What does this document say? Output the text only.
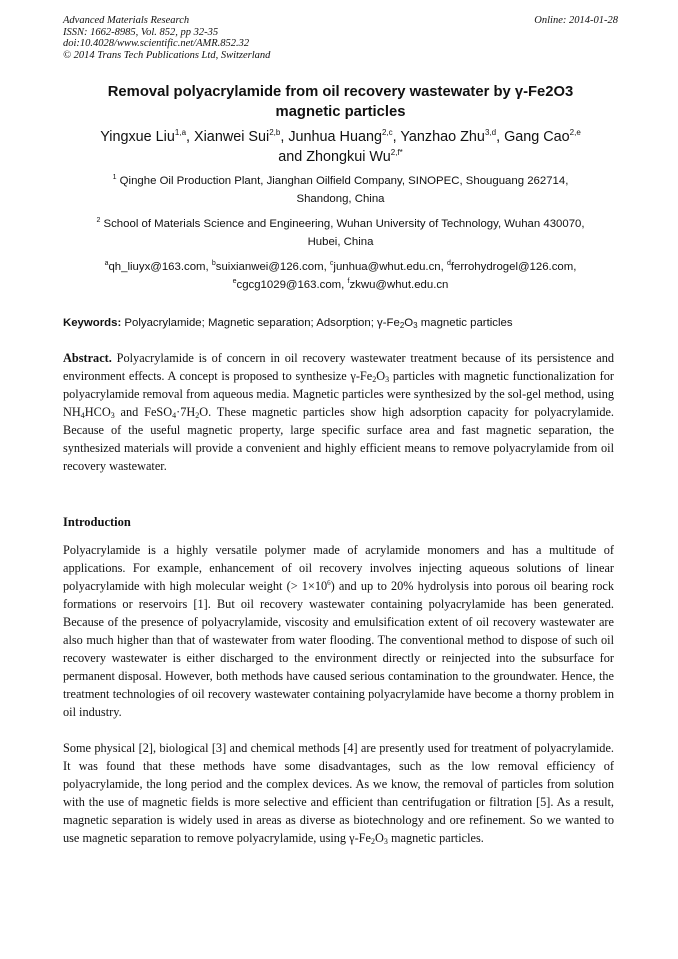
Advanced Materials Research
ISSN: 1662-8985, Vol. 852, pp 32-35
doi:10.4028/www.scientific.net/AMR.852.32
© 2014 Trans Tech Publications Ltd, Switzerland
Online: 2014-01-28
Removal polyacrylamide from oil recovery wastewater by γ-Fe2O3
magnetic particles
Yingxue Liu$^{1,a}$, Xianwei Sui$^{2,b}$, Junhua Huang$^{2,c}$, Yanzhao Zhu$^{3,d}$, Gang Cao$^{2,e}$
and Zhongkui $Wu^{2,f*}$
$^1$ Qinghe Oil Production Plant, Jianghan Oilfield Company, SINOPEC, Shouguang 262714,
Shandong, China
$^2$ School of Materials Science and Engineering, Wuhan University of Technology, Wuhan 430070,
Hubei, China
$^a$qh_liuyx@163.com, $^b$suixianwei@126.com, $^c$junhua@whut.edu.cn, $^d$ferrohydrogel@126.com,
$^e$cgcg1029@163.com, $^f$zkwu@whut.edu.cn
Keywords: Polyacrylamide; Magnetic separation; Adsorption; $\gamma-Fe_2O_3$ magnetic particles
Abstract. Polyacrylamide is of concern in oil recovery wastewater treatment because of its persistence and environment effects. A concept is proposed to synthesize $\gamma-Fe_2O_3$ particles with magnetic functionalization for polyacrylamide removal from aqueous media. Magnetic particles were synthesized by the sol-gel method, using $NH_4HCO_3$ and $FeSO_4\cdot 7H_2O$. These magnetic particles show high adsorption capacity for polyacrylamide. Because of the useful magnetic property, large specific surface area and fast magnetic separation, the synthesized materials will provide a convenient and highly efficient means to remove polyacrylamide from oil recovery wastewater.
Introduction
Polyacrylamide is a highly versatile polymer made of acrylamide monomers and has a multitude of applications. For example, enhancement of oil recovery involves injecting aqueous solutions of linear polyacrylamide with high molecular weight (> $1\times 10^6$) and up to 20% hydrolysis into porous oil bearing rock formations or reservoirs [1]. But oil recovery wastewater containing polyacrylamide has been generated. Because of the presence of polyacrylamide, viscosity and emulsification extent of oil recovery wastewater are also much higher than that of wastewater from water flooding. The conventional method to dispose of such oil recovery wastewater is either discharged to the environment directly or reinjected into the subsurface for permanent disposal. However, both methods have caused serious contamination to the groundwater. Hence, the treatment technologies of oil recovery wastewater containing polyacrylamide have become a thorny problem in oil industry.
Some physical [2], biological [3] and chemical methods [4] are presently used for treatment of polyacrylamide. It was found that these methods have some disadvantages, such as the low removal efficiency of polyacrylamide, the long period and the complex devices. As we know, the removal of particles from solution with the use of magnetic fields is more selective and efficient than centrifugation or filtration [5]. As a result, magnetic separation is widely used in areas as diverse as biotechnology and ore refinement. So we wanted to use magnetic separation to remove polyacrylamide, using $\gamma-Fe_2O_3$ magnetic particles.
